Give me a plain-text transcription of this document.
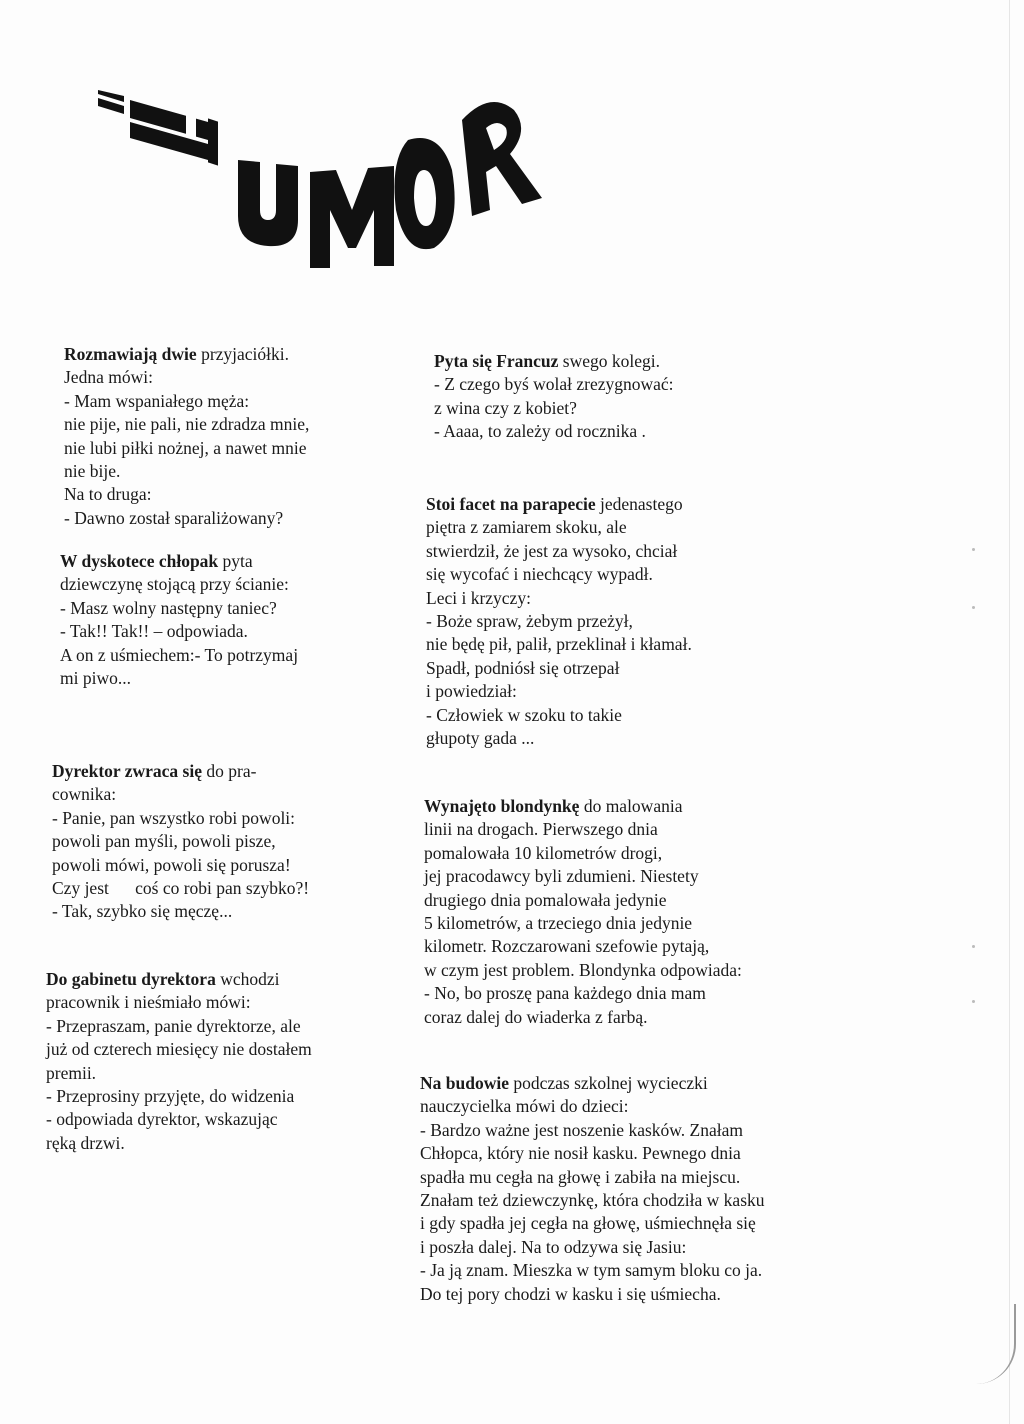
Rozmawiają dwie przyjaciółki.
Jedna mówi:
- Mam wspaniałego męża:
nie pije, nie pali, nie zdradza mnie,
nie lubi piłki nożnej, a nawet mnie
nie bije.
Na to druga:
- Dawno został sparaliżowany?
W dyskotece chłopak pyta
dziewczynę stojącą przy ścianie:
- Masz wolny następny taniec?
- Tak!! Tak!! – odpowiada.
A on z uśmiechem:- To potrzymaj
mi piwo...
Dyrektor zwraca się do pra-
cownika:
- Panie, pan wszystko robi powoli:
powoli pan myśli, powoli pisze,
powoli mówi, powoli się porusza!
Czy jest      coś co robi pan szybko?!
- Tak, szybko się męczę...
Do gabinetu dyrektora wchodzi
pracownik i nieśmiało mówi:
- Przepraszam, panie dyrektorze, ale
już od czterech miesięcy nie dostałem
premii.
- Przeprosiny przyjęte, do widzenia
- odpowiada dyrektor, wskazując
ręką drzwi.
Pyta się Francuz swego kolegi.
- Z czego byś wolał zrezygnować:
z wina czy z kobiet?
- Aaaa, to zależy od rocznika .
Stoi facet na parapecie jedenastego
piętra z zamiarem skoku, ale
stwierdził, że jest za wysoko, chciał
się wycofać i niechcący wypadł.
Leci i krzyczy:
- Boże spraw, żebym przeżył,
nie będę pił, palił, przeklinał i kłamał.
Spadł, podniósł się otrzepał
i powiedział:
- Człowiek w szoku to takie
głupoty gada ...
Wynajęto blondynkę do malowania
linii na drogach. Pierwszego dnia
pomalowała 10 kilometrów drogi,
jej pracodawcy byli zdumieni. Niestety
drugiego dnia pomalowała jedynie
5 kilometrów, a trzeciego dnia jedynie
kilometr. Rozczarowani szefowie pytają,
w czym jest problem. Blondynka odpowiada:
- No, bo proszę pana każdego dnia mam
coraz dalej do wiaderka z farbą.
Na budowie podczas szkolnej wycieczki
nauczycielka mówi do dzieci:
- Bardzo ważne jest noszenie kasków. Znałam
Chłopca, który nie nosił kasku. Pewnego dnia
spadła mu cegła na głowę i zabiła na miejscu.
Znałam też dziewczynkę, która chodziła w kasku
i gdy spadła jej cegła na głowę, uśmiechnęła się
i poszła dalej. Na to odzywa się Jasiu:
- Ja ją znam. Mieszka w tym samym bloku co ja.
Do tej pory chodzi w kasku i się uśmiecha.
